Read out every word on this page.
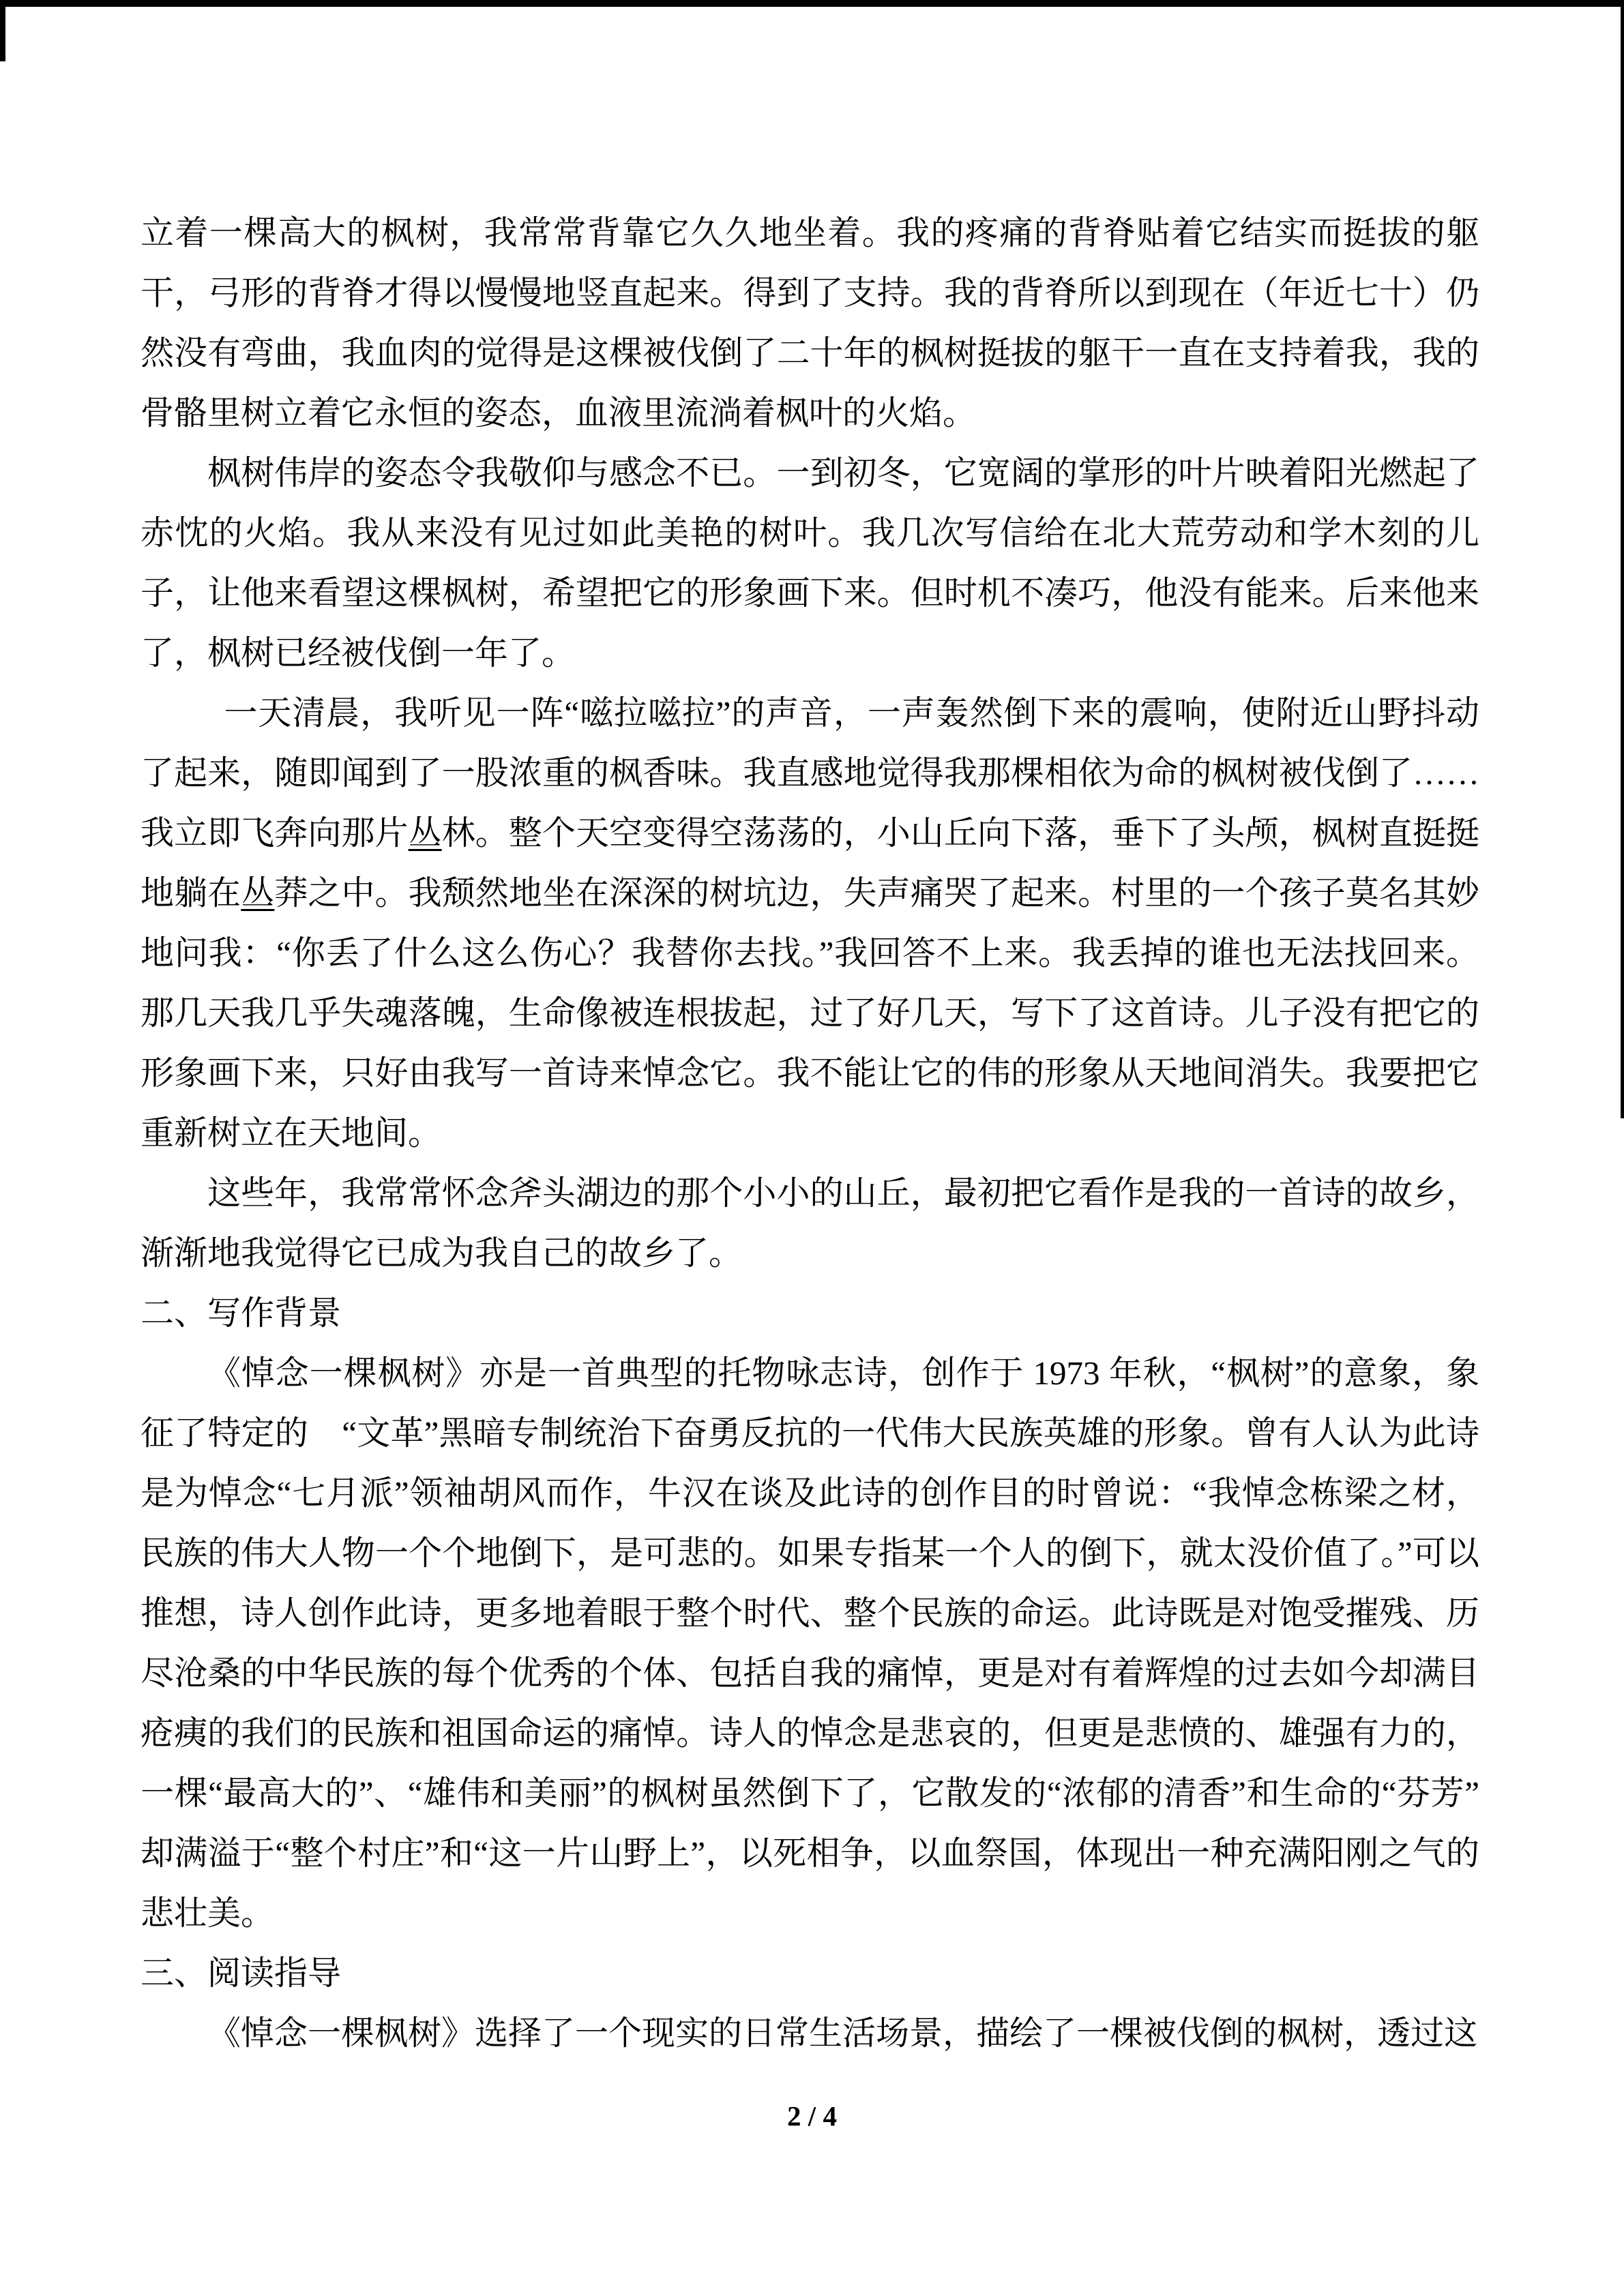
立着一棵高大的枫树，我常常背靠它久久地坐着。我的疼痛的背脊贴着它结实而挺拔的躯干，弓形的背脊才得以慢慢地竖直起来。得到了支持。我的背脊所以到现在（年近七十）仍然没有弯曲，我血肉的觉得是这棵被伐倒了二十年的枫树挺拔的躯干一直在支持着我，我的骨骼里树立着它永恒的姿态，血液里流淌着枫叶的火焰。

枫树伟岸的姿态令我敬仰与感念不已。一到初冬，它宽阔的掌形的叶片映着阳光燃起了赤忱的火焰。我从来没有见过如此美艳的树叶。我几次写信给在北大荒劳动和学木刻的儿子，让他来看望这棵枫树，希望把它的形象画下来。但时机不凑巧，他没有能来。后来他来了，枫树已经被伐倒一年了。

一天清晨，我听见一阵“嗞拉嗞拉”的声音，一声轰然倒下来的震响，使附近山野抖动了起来，随即闻到了一股浓重的枫香味。我直感地觉得我那棵相依为命的枫树被伐倒了……我立即飞奔向那片丛林。整个天空变得空荡荡的，小山丘向下落，垂下了头颅，枫树直挺挺地躺在丛莽之中。我颓然地坐在深深的树坑边，失声痛哭了起来。村里的一个孩子莫名其妙地问我：“你丢了什么这么伤心？我替你去找。”我回答不上来。我丢掉的谁也无法找回来。那几天我几乎失魂落魄，生命像被连根拔起，过了好几天，写下了这首诗。儿子没有把它的形象画下来，只好由我写一首诗来悼念它。我不能让它的伟的形象从天地间消失。我要把它重新树立在天地间。

这些年，我常常怀念斧头湖边的那个小小的山丘，最初把它看作是我的一首诗的故乡，渐渐地我觉得它已成为我自己的故乡了。

二、写作背景

《悼念一棵枫树》亦是一首典型的托物咏志诗，创作于 1973 年秋，“枫树”的意象，象征了特定的　“文革”黑暗专制统治下奋勇反抗的一代伟大民族英雄的形象。曾有人认为此诗是为悼念“七月派”领袖胡风而作，牛汉在谈及此诗的创作目的时曾说：“我悼念栋梁之材，民族的伟大人物一个个地倒下，是可悲的。如果专指某一个人的倒下，就太没价值了。”可以推想，诗人创作此诗，更多地着眼于整个时代、整个民族的命运。此诗既是对饱受摧残、历尽沧桑的中华民族的每个优秀的个体、包括自我的痛悼，更是对有着辉煌的过去如今却满目疮痍的我们的民族和祖国命运的痛悼。诗人的悼念是悲哀的，但更是悲愤的、雄强有力的，一棵“最高大的”、“雄伟和美丽”的枫树虽然倒下了，它散发的“浓郁的清香”和生命的“芬芳”却满溢于“整个村庄”和“这一片山野上”，以死相争，以血祭国，体现出一种充满阳刚之气的悲壮美。

三、阅读指导

《悼念一棵枫树》选择了一个现实的日常生活场景，描绘了一棵被伐倒的枫树，透过这

2 / 4
